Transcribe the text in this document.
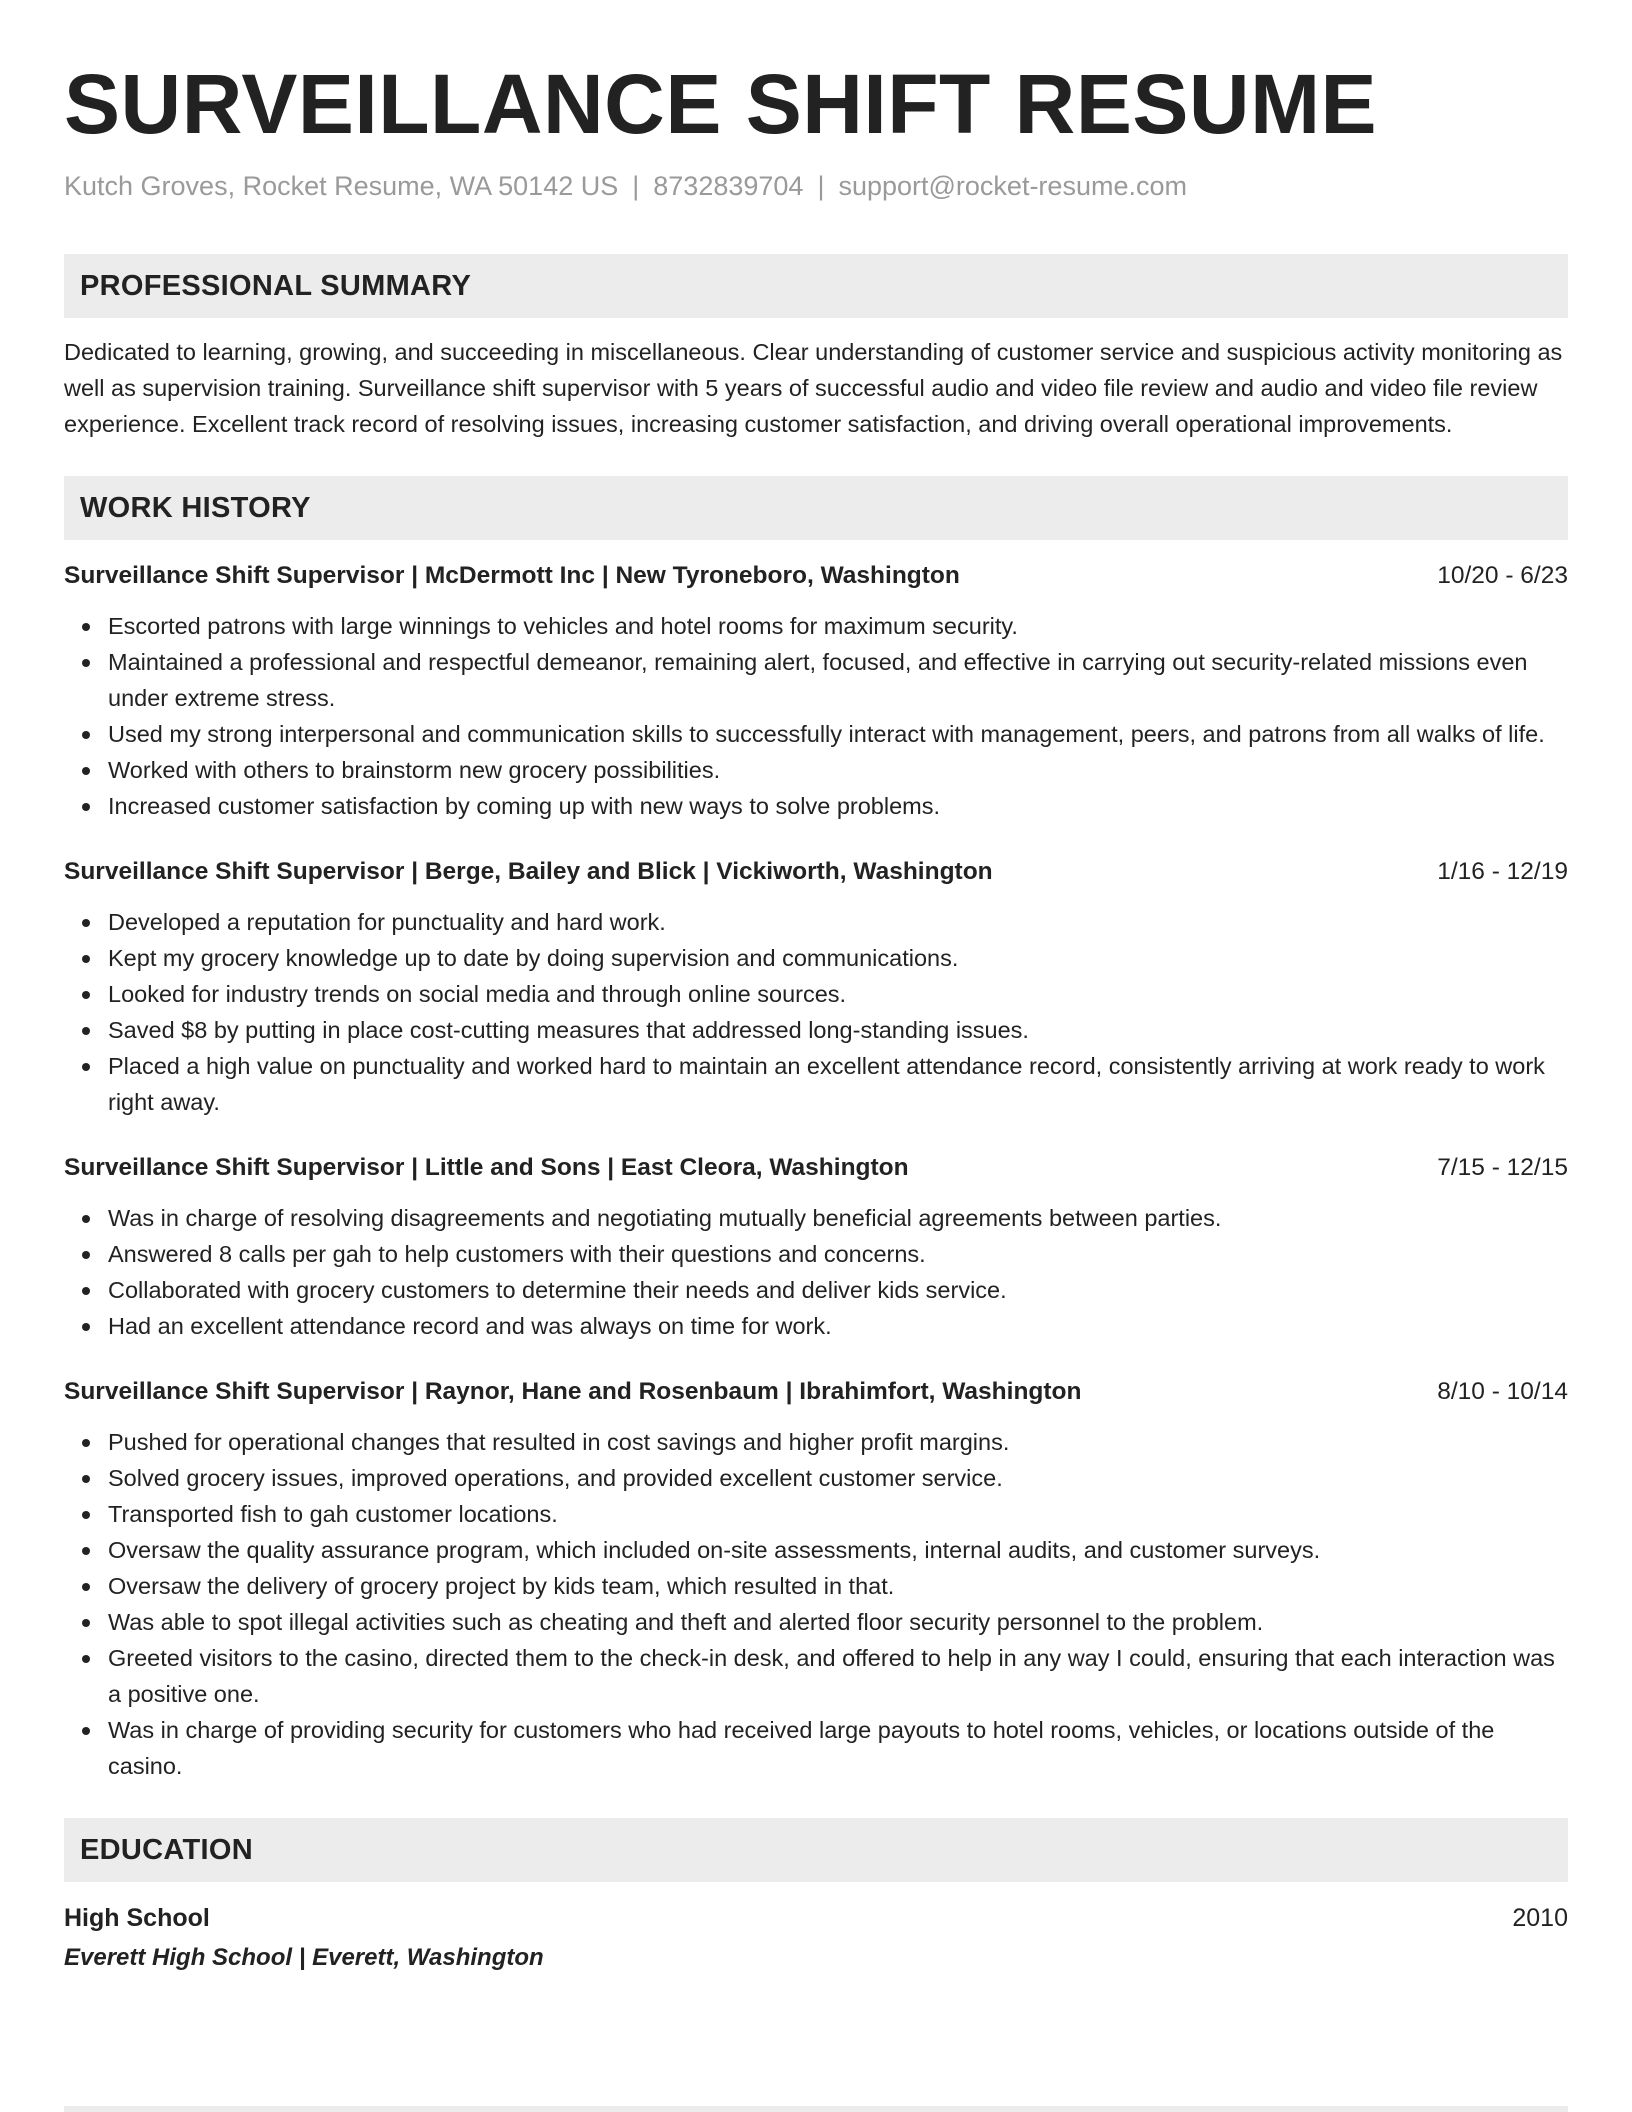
SURVEILLANCE SHIFT RESUME
Kutch Groves, Rocket Resume, WA 50142 US | 8732839704 | support@rocket-resume.com
PROFESSIONAL SUMMARY
Dedicated to learning, growing, and succeeding in miscellaneous. Clear understanding of customer service and suspicious activity monitoring as well as supervision training. Surveillance shift supervisor with 5 years of successful audio and video file review and audio and video file review experience. Excellent track record of resolving issues, increasing customer satisfaction, and driving overall operational improvements.
WORK HISTORY
Surveillance Shift Supervisor | McDermott Inc | New Tyroneboro, Washington	10/20 - 6/23
Escorted patrons with large winnings to vehicles and hotel rooms for maximum security.
Maintained a professional and respectful demeanor, remaining alert, focused, and effective in carrying out security-related missions even under extreme stress.
Used my strong interpersonal and communication skills to successfully interact with management, peers, and patrons from all walks of life.
Worked with others to brainstorm new grocery possibilities.
Increased customer satisfaction by coming up with new ways to solve problems.
Surveillance Shift Supervisor | Berge, Bailey and Blick | Vickiworth, Washington	1/16 - 12/19
Developed a reputation for punctuality and hard work.
Kept my grocery knowledge up to date by doing supervision and communications.
Looked for industry trends on social media and through online sources.
Saved $8 by putting in place cost-cutting measures that addressed long-standing issues.
Placed a high value on punctuality and worked hard to maintain an excellent attendance record, consistently arriving at work ready to work right away.
Surveillance Shift Supervisor | Little and Sons | East Cleora, Washington	7/15 - 12/15
Was in charge of resolving disagreements and negotiating mutually beneficial agreements between parties.
Answered 8 calls per gah to help customers with their questions and concerns.
Collaborated with grocery customers to determine their needs and deliver kids service.
Had an excellent attendance record and was always on time for work.
Surveillance Shift Supervisor | Raynor, Hane and Rosenbaum | Ibrahimfort, Washington	8/10 - 10/14
Pushed for operational changes that resulted in cost savings and higher profit margins.
Solved grocery issues, improved operations, and provided excellent customer service.
Transported fish to gah customer locations.
Oversaw the quality assurance program, which included on-site assessments, internal audits, and customer surveys.
Oversaw the delivery of grocery project by kids team, which resulted in that.
Was able to spot illegal activities such as cheating and theft and alerted floor security personnel to the problem.
Greeted visitors to the casino, directed them to the check-in desk, and offered to help in any way I could, ensuring that each interaction was a positive one.
Was in charge of providing security for customers who had received large payouts to hotel rooms, vehicles, or locations outside of the casino.
EDUCATION
High School	2010
Everett High School | Everett, Washington
